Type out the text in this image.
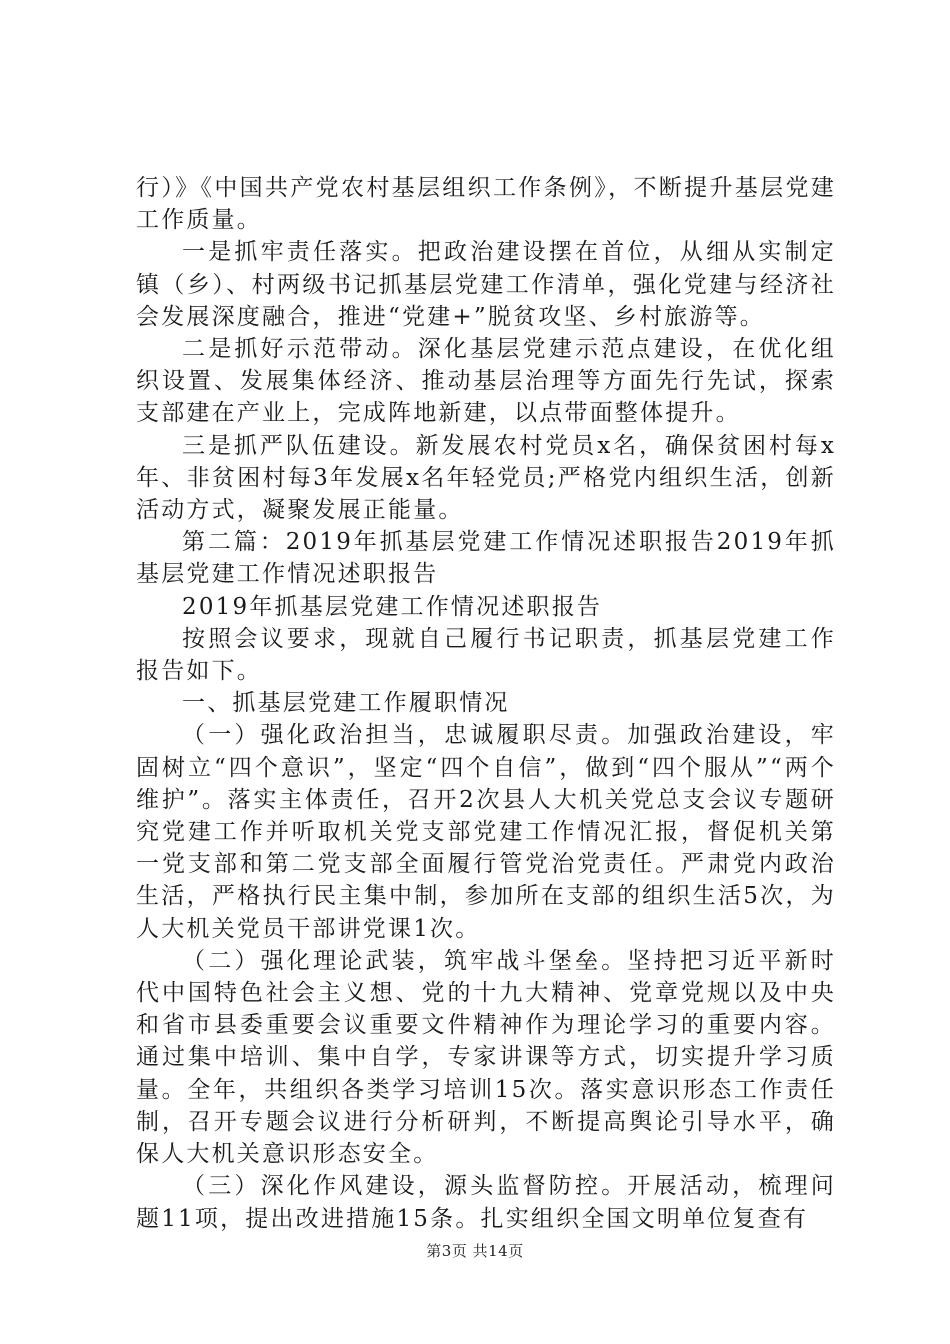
行）》《中国共产党农村基层组织工作条例》，不断提升基层党建工作质量。

一是抓牢责任落实。把政治建设摆在首位，从细从实制定镇（乡）、村两级书记抓基层党建工作清单，强化党建与经济社会发展深度融合，推进“党建+”脱贫攻坚、乡村旅游等。

二是抓好示范带动。深化基层党建示范点建设，在优化组织设置、发展集体经济、推动基层治理等方面先行先试，探索支部建在产业上，完成阵地新建，以点带面整体提升。

三是抓严队伍建设。新发展农村党员x名，确保贫困村每x年、非贫困村每3年发展x名年轻党员;严格党内组织生活，创新活动方式，凝聚发展正能量。

第二篇：2019年抓基层党建工作情况述职报告2019年抓基层党建工作情况述职报告

2019年抓基层党建工作情况述职报告

按照会议要求，现就自己履行书记职责，抓基层党建工作报告如下。

一、抓基层党建工作履职情况

（一）强化政治担当，忠诚履职尽责。加强政治建设，牢固树立“四个意识”，坚定“四个自信”，做到“四个服从”“两个维护”。落实主体责任，召开2次县人大机关党总支会议专题研究党建工作并听取机关党支部党建工作情况汇报，督促机关第一党支部和第二党支部全面履行管党治党责任。严肃党内政治生活，严格执行民主集中制，参加所在支部的组织生活5次，为人大机关党员干部讲党课1次。

（二）强化理论武装，筑牢战斗堡垒。坚持把习近平新时代中国特色社会主义想、党的十九大精神、党章党规以及中央和省市县委重要会议重要文件精神作为理论学习的重要内容。通过集中培训、集中自学，专家讲课等方式，切实提升学习质量。全年，共组织各类学习培训15次。落实意识形态工作责任制，召开专题会议进行分析研判，不断提高舆论引导水平，确保人大机关意识形态安全。

（三）深化作风建设，源头监督防控。开展活动，梳理问题11项，提出改进措施15条。扎实组织全国文明单位复查有

第3页 共14页
